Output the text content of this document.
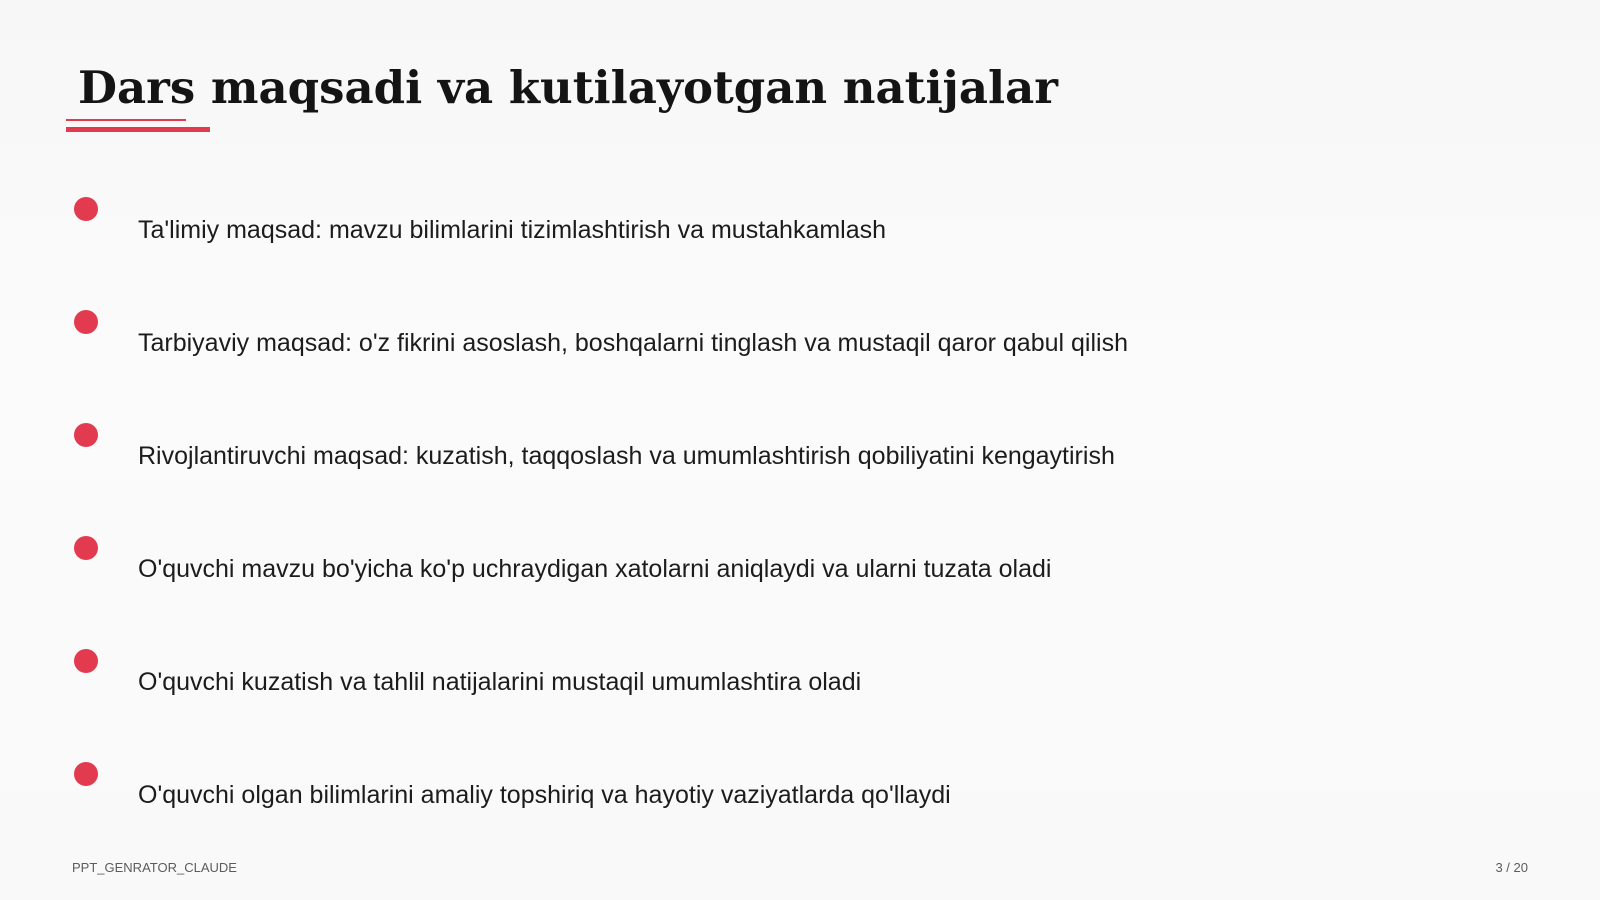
Dars maqsadi va kutilayotgan natijalar
Ta'limiy maqsad: mavzu bilimlarini tizimlashtirish va mustahkamlash
Tarbiyaviy maqsad: o'z fikrini asoslash, boshqalarni tinglash va mustaqil qaror qabul qilish
Rivojlantiruvchi maqsad: kuzatish, taqqoslash va umumlashtirish qobiliyatini kengaytirish
O'quvchi mavzu bo'yicha ko'p uchraydigan xatolarni aniqlaydi va ularni tuzata oladi
O'quvchi kuzatish va tahlil natijalarini mustaqil umumlashtira oladi
O'quvchi olgan bilimlarini amaliy topshiriq va hayotiy vaziyatlarda qo'llaydi
PPT_GENRATOR_CLAUDE	3 / 20
